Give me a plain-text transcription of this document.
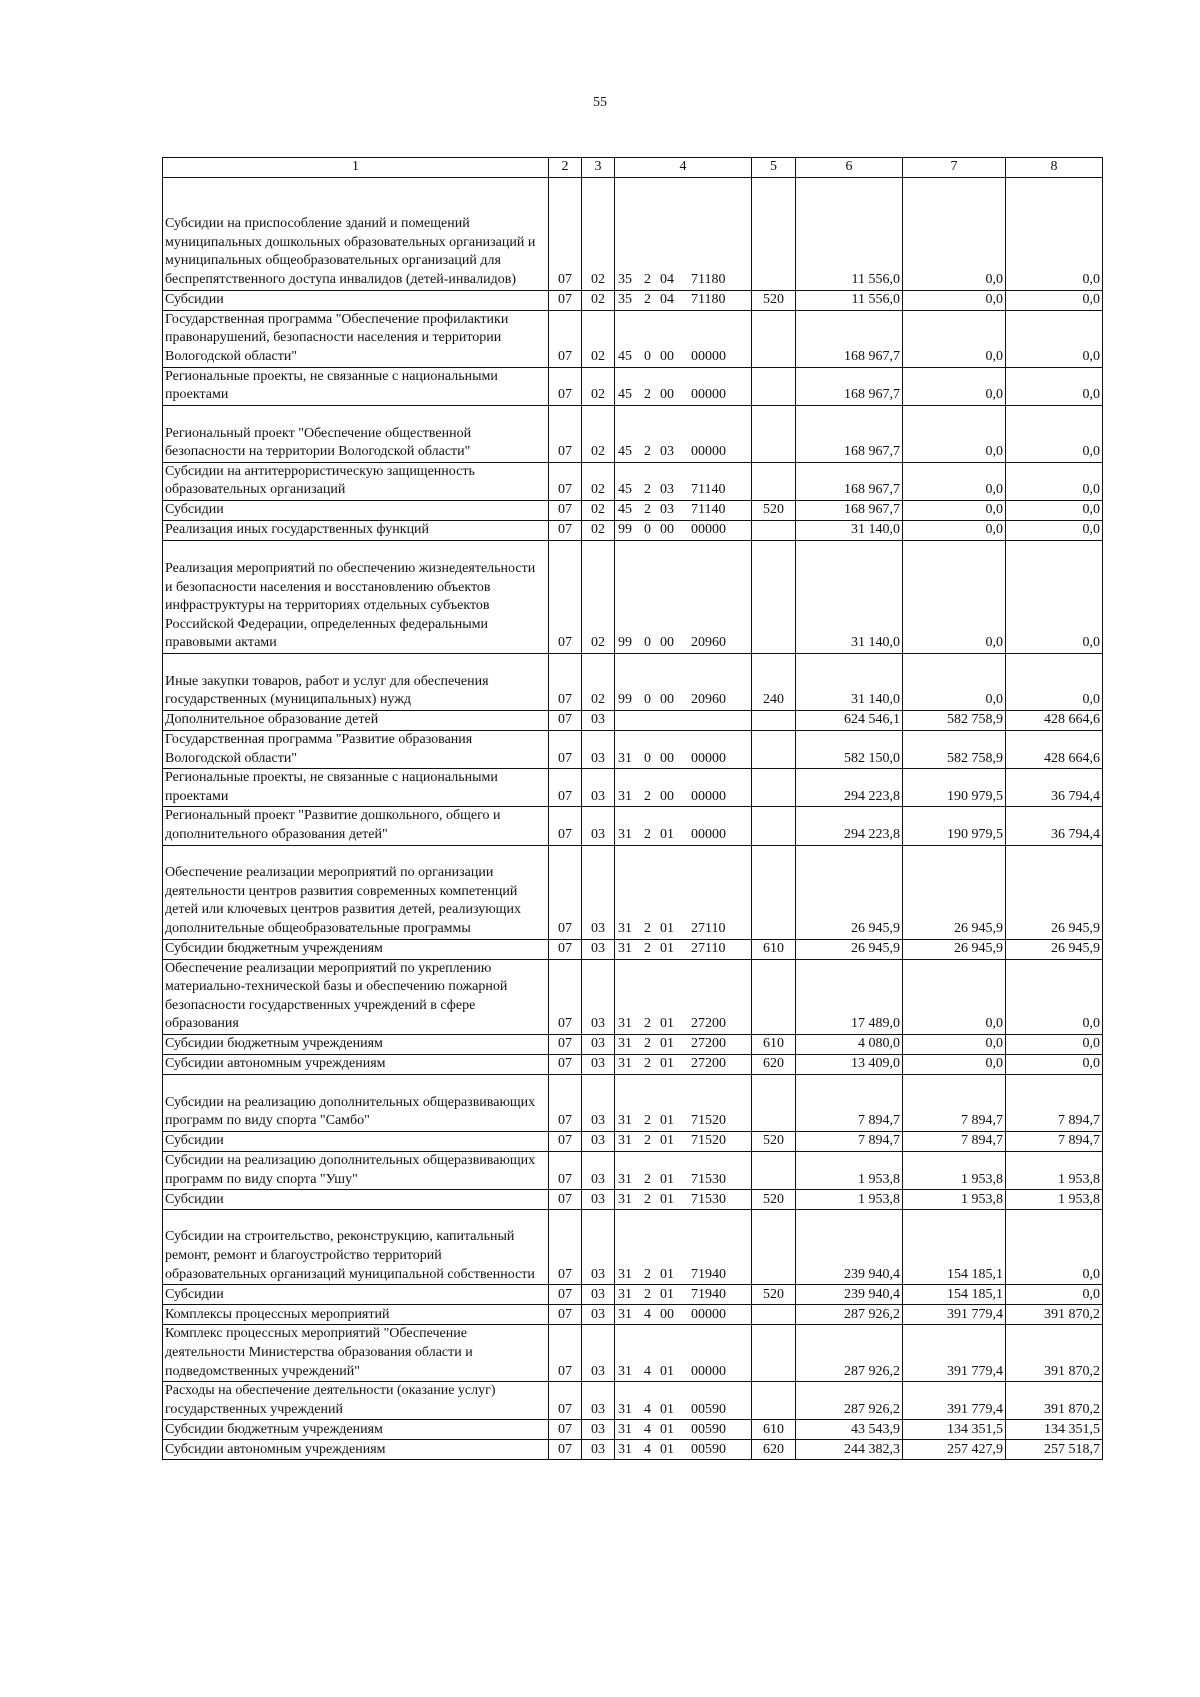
55
1	2	3	4	5	6	7	8
Субсидии на приспособление зданий и помещений муниципальных дошкольных образовательных организаций и муниципальных общеобразовательных организаций для беспрепятственного доступа инвалидов (детей-инвалидов)	07	02	35 2 04 71180		11 556,0	0,0	0,0
Субсидии	07	02	35 2 04 71180	520	11 556,0	0,0	0,0
Государственная программа "Обеспечение профилактики правонарушений, безопасности населения и территории Вологодской области"	07	02	45 0 00 00000		168 967,7	0,0	0,0
Региональные проекты, не связанные с национальными проектами	07	02	45 2 00 00000		168 967,7	0,0	0,0
Региональный проект "Обеспечение общественной безопасности на территории Вологодской области"	07	02	45 2 03 00000		168 967,7	0,0	0,0
Субсидии на антитеррористическую защищенность образовательных организаций	07	02	45 2 03 71140		168 967,7	0,0	0,0
Субсидии	07	02	45 2 03 71140	520	168 967,7	0,0	0,0
Реализация иных государственных функций	07	02	99 0 00 00000		31 140,0	0,0	0,0
Реализация мероприятий по обеспечению жизнедеятельности и безопасности населения и восстановлению объектов инфраструктуры на территориях отдельных субъектов Российской Федерации, определенных федеральными правовыми актами	07	02	99 0 00 20960		31 140,0	0,0	0,0
Иные закупки товаров, работ и услуг для обеспечения государственных (муниципальных) нужд	07	02	99 0 00 20960	240	31 140,0	0,0	0,0
Дополнительное образование детей	07	03			624 546,1	582 758,9	428 664,6
Государственная программа "Развитие образования Вологодской области"	07	03	31 0 00 00000		582 150,0	582 758,9	428 664,6
Региональные проекты, не связанные с национальными проектами	07	03	31 2 00 00000		294 223,8	190 979,5	36 794,4
Региональный проект "Развитие дошкольного, общего и дополнительного образования детей"	07	03	31 2 01 00000		294 223,8	190 979,5	36 794,4
Обеспечение реализации мероприятий по организации деятельности центров развития современных компетенций детей или ключевых центров развития детей, реализующих дополнительные общеобразовательные программы	07	03	31 2 01 27110		26 945,9	26 945,9	26 945,9
Субсидии бюджетным учреждениям	07	03	31 2 01 27110	610	26 945,9	26 945,9	26 945,9
Обеспечение реализации мероприятий по укреплению материально-технической базы и обеспечению пожарной безопасности государственных учреждений в сфере образования	07	03	31 2 01 27200		17 489,0	0,0	0,0
Субсидии бюджетным учреждениям	07	03	31 2 01 27200	610	4 080,0	0,0	0,0
Субсидии автономным учреждениям	07	03	31 2 01 27200	620	13 409,0	0,0	0,0
Субсидии на реализацию дополнительных общеразвивающих программ по виду спорта "Самбо"	07	03	31 2 01 71520		7 894,7	7 894,7	7 894,7
Субсидии	07	03	31 2 01 71520	520	7 894,7	7 894,7	7 894,7
Субсидии на реализацию дополнительных общеразвивающих программ по виду спорта "Ушу"	07	03	31 2 01 71530		1 953,8	1 953,8	1 953,8
Субсидии	07	03	31 2 01 71530	520	1 953,8	1 953,8	1 953,8
Субсидии на строительство, реконструкцию, капитальный ремонт, ремонт и благоустройство территорий образовательных организаций муниципальной собственности	07	03	31 2 01 71940		239 940,4	154 185,1	0,0
Субсидии	07	03	31 2 01 71940	520	239 940,4	154 185,1	0,0
Комплексы процессных мероприятий	07	03	31 4 00 00000		287 926,2	391 779,4	391 870,2
Комплекс процессных мероприятий "Обеспечение деятельности Министерства образования области и подведомственных учреждений"	07	03	31 4 01 00000		287 926,2	391 779,4	391 870,2
Расходы на обеспечение деятельности (оказание услуг) государственных учреждений	07	03	31 4 01 00590		287 926,2	391 779,4	391 870,2
Субсидии бюджетным учреждениям	07	03	31 4 01 00590	610	43 543,9	134 351,5	134 351,5
Субсидии автономным учреждениям	07	03	31 4 01 00590	620	244 382,3	257 427,9	257 518,7
